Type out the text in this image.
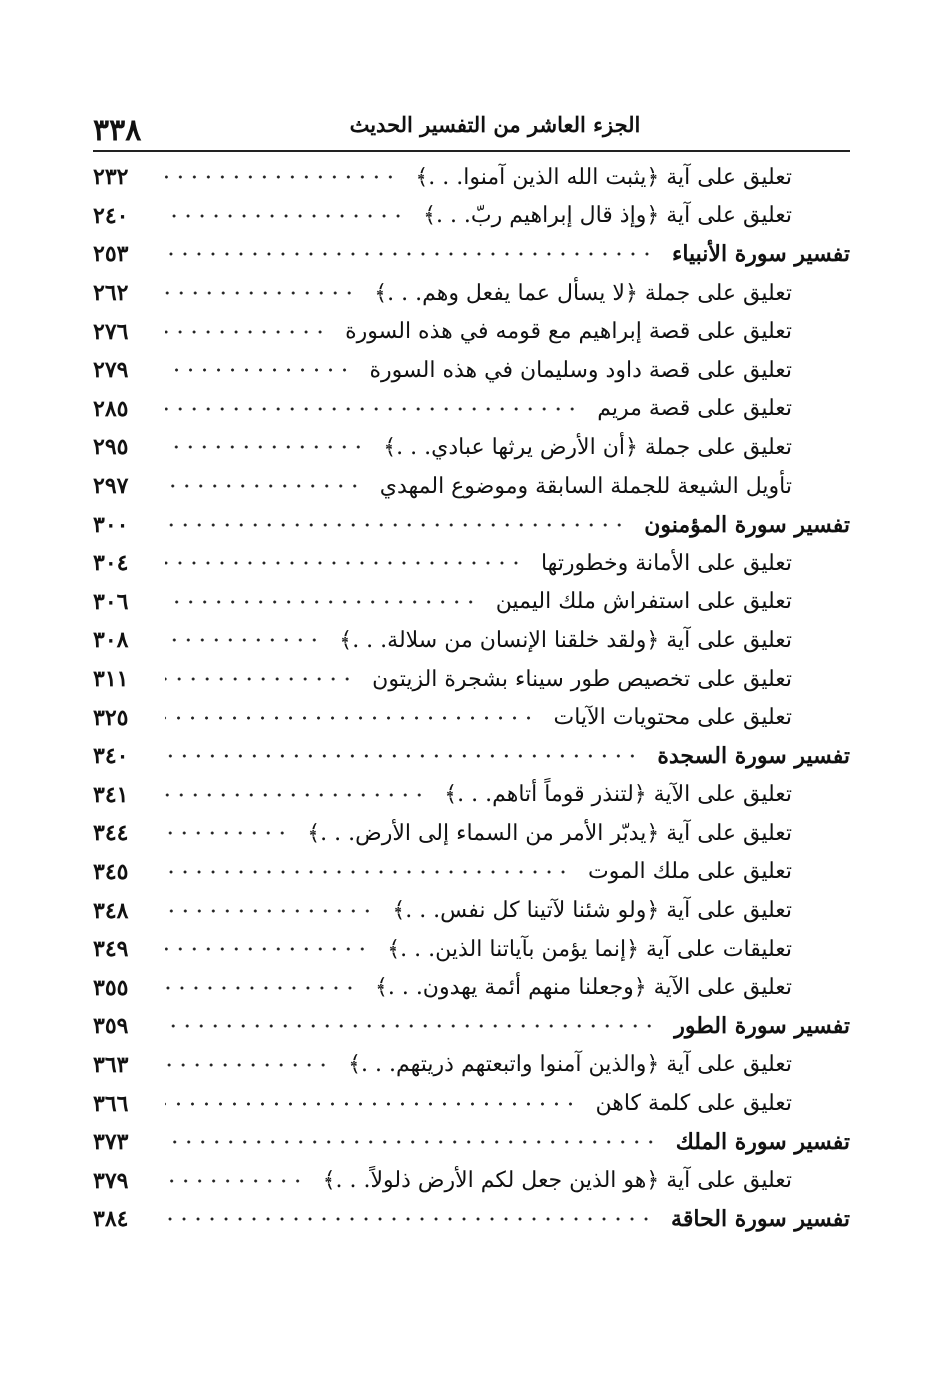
٣٣٨	الجزء العاشر من التفسير الحديث
تعليق على آية ﴿يثبت الله الذين آمنوا. . .﴾
٢٣٢
تعليق على آية ﴿وإذ قال إبراهيم ربّ. . .﴾
٢٤٠
تفسير سورة الأنبياء
٢٥٣
تعليق على جملة ﴿لا يسأل عما يفعل وهم. . .﴾
٢٦٢
تعليق على قصة إبراهيم مع قومه في هذه السورة
٢٧٦
تعليق على قصة داود وسليمان في هذه السورة
٢٧٩
تعليق على قصة مريم
٢٨٥
تعليق على جملة ﴿أن الأرض يرثها عبادي. . .﴾
٢٩٥
تأويل الشيعة للجملة السابقة وموضوع المهدي
٢٩٧
تفسير سورة المؤمنون
٣٠٠
تعليق على الأمانة وخطورتها
٣٠٤
تعليق على استفراش ملك اليمين
٣٠٦
تعليق على آية ﴿ولقد خلقنا الإنسان من سلالة. . .﴾
٣٠٨
تعليق على تخصيص طور سيناء بشجرة الزيتون
٣١١
تعليق على محتويات الآيات
٣٢٥
تفسير سورة السجدة
٣٤٠
تعليق على الآية ﴿لتنذر قوماً أتاهم. . .﴾
٣٤١
تعليق على آية ﴿يدبّر الأمر من السماء إلى الأرض. . .﴾
٣٤٤
تعليق على ملك الموت
٣٤٥
تعليق على آية ﴿ولو شئنا لآتينا كل نفس. . .﴾
٣٤٨
تعليقات على آية ﴿إنما يؤمن بآياتنا الذين. . .﴾
٣٤٩
تعليق على الآية ﴿وجعلنا منهم أئمة يهدون. . .﴾
٣٥٥
تفسير سورة الطور
٣٥٩
تعليق على آية ﴿والذين آمنوا واتبعتهم ذريتهم. . .﴾
٣٦٣
تعليق على كلمة كاهن
٣٦٦
تفسير سورة الملك
٣٧٣
تعليق على آية ﴿هو الذين جعل لكم الأرض ذلولاً. . .﴾
٣٧٩
تفسير سورة الحاقة
٣٨٤
